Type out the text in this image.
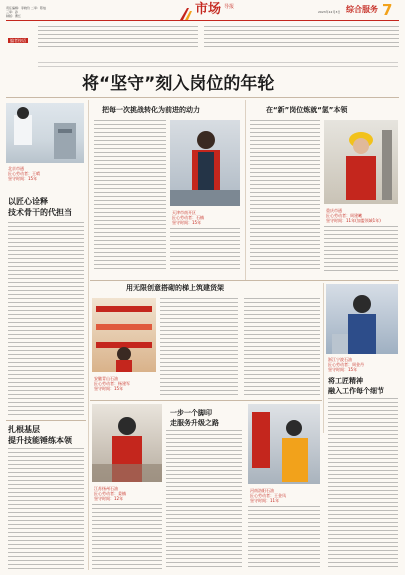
责任编辑：李晓玲 二审：陈灿
三审：孙
制版：曹红	市场 导报
2023年12月3日 综合服务 7
编者按语
将“坚守”刻入岗位的年轮
北京市通
匠心劳动者：王晴
坚守时间：15年
以匠心诠释
技术骨干的代担当
扎根基层
提升技能锤练本领
把每一次挑战转化为前进的动力
天津市南开区
匠心劳动者：石楠
坚守时间：15年
在“新”岗位炼就“氢”本领
重庆市通
匠心劳动者：周建曦
坚守时间：11年(加盟领域1年)
用无限创意搭砌的梯上筑建货架
安徽青山石油
匠心劳动者：杨建军
坚守时间：15年
浙江宁波石油
匠心劳动者：周金丹
坚守时间：15年
将工匠精神
融入工作每个细节
江苏扬州石油
匠心劳动者：姜楠
坚守时间：12年
一步一个脚印
走服务升级之路
河南洛阳石油
匠心劳动者：王金凤
坚守时间：11年
